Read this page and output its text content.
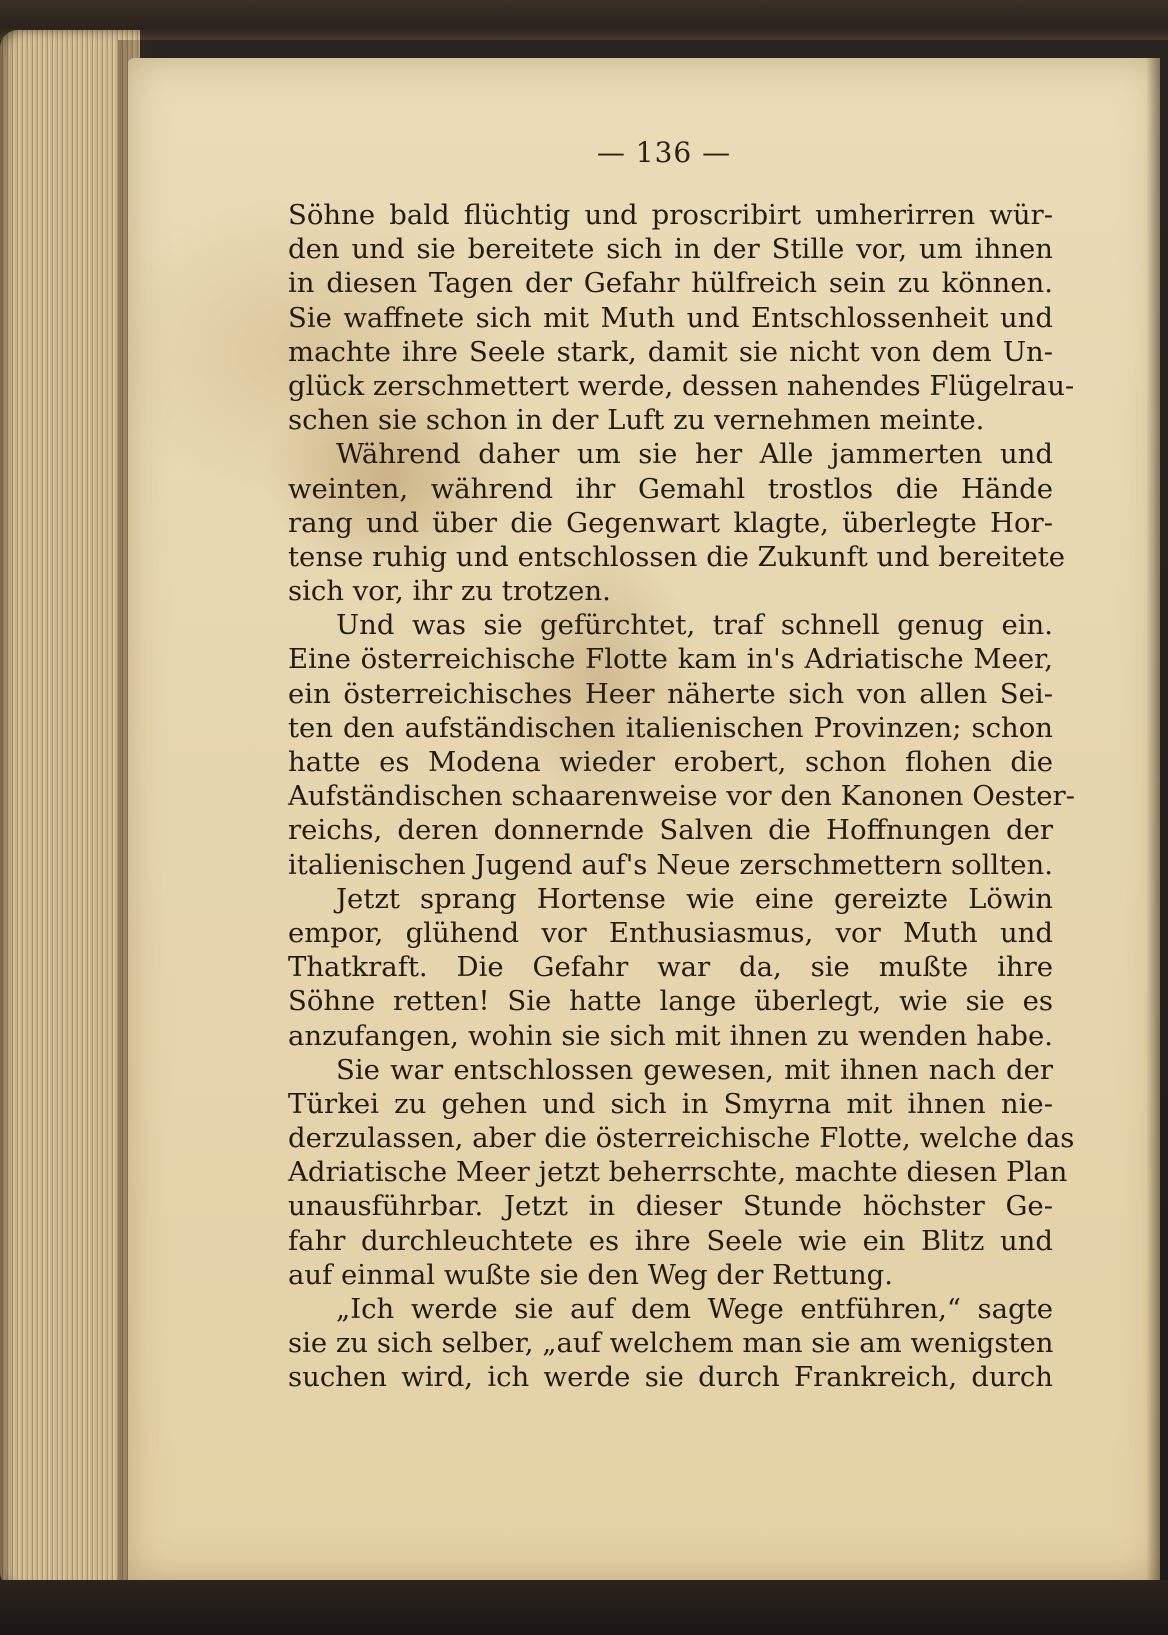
— 136 —
Söhne bald flüchtig und proscribirt umherirren wür-
den und sie bereitete sich in der Stille vor, um ihnen
in diesen Tagen der Gefahr hülfreich sein zu können.
Sie waffnete sich mit Muth und Entschlossenheit und
machte ihre Seele stark, damit sie nicht von dem Un-
glück zerschmettert werde, dessen nahendes Flügelrau-
schen sie schon in der Luft zu vernehmen meinte.
Während daher um sie her Alle jammerten und
weinten, während ihr Gemahl trostlos die Hände
rang und über die Gegenwart klagte, überlegte Hor-
tense ruhig und entschlossen die Zukunft und bereitete
sich vor, ihr zu trotzen.
Und was sie gefürchtet, traf schnell genug ein.
Eine österreichische Flotte kam in's Adriatische Meer,
ein österreichisches Heer näherte sich von allen Sei-
ten den aufständischen italienischen Provinzen; schon
hatte es Modena wieder erobert, schon flohen die
Aufständischen schaarenweise vor den Kanonen Oester-
reichs, deren donnernde Salven die Hoffnungen der
italienischen Jugend auf's Neue zerschmettern sollten.
Jetzt sprang Hortense wie eine gereizte Löwin
empor, glühend vor Enthusiasmus, vor Muth und
Thatkraft. Die Gefahr war da, sie mußte ihre
Söhne retten! Sie hatte lange überlegt, wie sie es
anzufangen, wohin sie sich mit ihnen zu wenden habe.
Sie war entschlossen gewesen, mit ihnen nach der
Türkei zu gehen und sich in Smyrna mit ihnen nie-
derzulassen, aber die österreichische Flotte, welche das
Adriatische Meer jetzt beherrschte, machte diesen Plan
unausführbar. Jetzt in dieser Stunde höchster Ge-
fahr durchleuchtete es ihre Seele wie ein Blitz und
auf einmal wußte sie den Weg der Rettung.
„Ich werde sie auf dem Wege entführen,“ sagte
sie zu sich selber, „auf welchem man sie am wenigsten
suchen wird, ich werde sie durch Frankreich, durch
